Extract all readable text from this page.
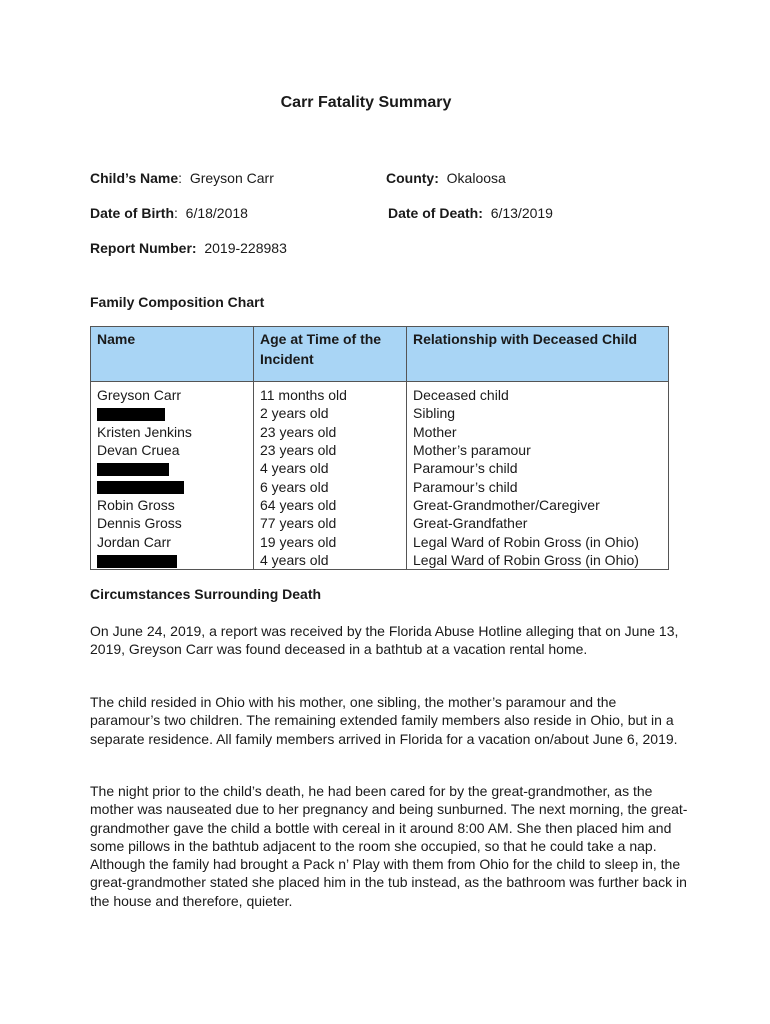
Carr Fatality Summary
Child’s Name:  Greyson Carr	County: Okaloosa
Date of Birth:  6/18/2018	Date of Death: 6/13/2019
Report Number: 2019-228983
Family Composition Chart
Name	Age at Time of the Incident	Relationship with Deceased Child

Greyson Carr	11 months old	Deceased child
	2 years old	Sibling
Kristen Jenkins	23 years old	Mother
Devan Cruea	23 years old	Mother’s paramour
	4 years old	Paramour’s child
	6 years old	Paramour’s child
Robin Gross	64 years old	Great-Grandmother/Caregiver
Dennis Gross	77 years old	Great-Grandfather
Jordan Carr	19 years old	Legal Ward of Robin Gross (in Ohio)
	4 years old	Legal Ward of Robin Gross (in Ohio)
Circumstances Surrounding Death
On June 24, 2019, a report was received by the Florida Abuse Hotline alleging that on June 13, 2019, Greyson Carr was found deceased in a bathtub at a vacation rental home.
The child resided in Ohio with his mother, one sibling, the mother’s paramour and the paramour’s two children. The remaining extended family members also reside in Ohio, but in a separate residence. All family members arrived in Florida for a vacation on/about June 6, 2019.
The night prior to the child’s death, he had been cared for by the great-grandmother, as the mother was nauseated due to her pregnancy and being sunburned. The next morning, the great-grandmother gave the child a bottle with cereal in it around 8:00 AM. She then placed him and some pillows in the bathtub adjacent to the room she occupied, so that he could take a nap. Although the family had brought a Pack n’ Play with them from Ohio for the child to sleep in, the great-grandmother stated she placed him in the tub instead, as the bathroom was further back in the house and therefore, quieter.
